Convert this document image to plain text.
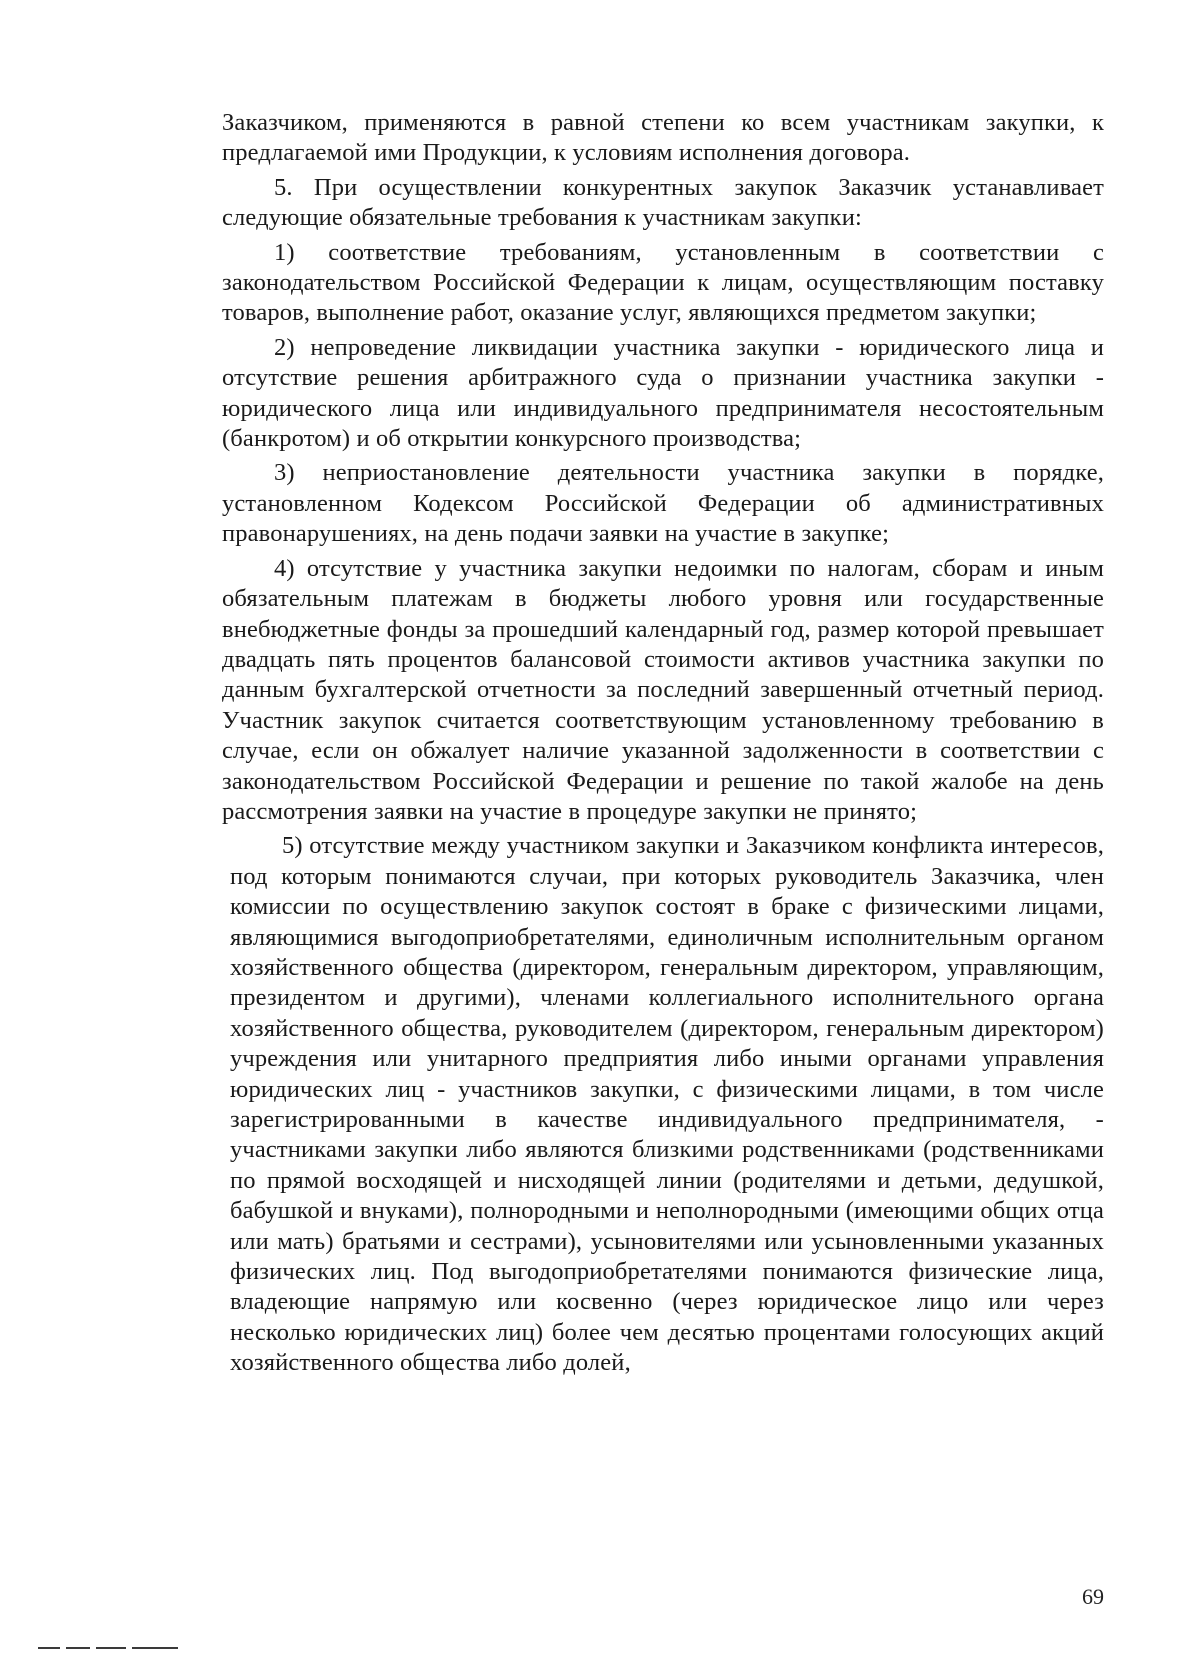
Заказчиком, применяются в равной степени ко всем участникам закупки, к предлагаемой ими Продукции, к условиям исполнения договора.

5. При осуществлении конкурентных закупок Заказчик устанавливает следующие обязательные требования к участникам закупки:

1) соответствие требованиям, установленным в соответствии с законодательством Российской Федерации к лицам, осуществляющим поставку товаров, выполнение работ, оказание услуг, являющихся предметом закупки;

2) непроведение ликвидации участника закупки - юридического лица и отсутствие решения арбитражного суда о признании участника закупки - юридического лица или индивидуального предпринимателя несостоятельным (банкротом) и об открытии конкурсного производства;

3) неприостановление деятельности участника закупки в порядке, установленном Кодексом Российской Федерации об административных правонарушениях, на день подачи заявки на участие в закупке;

4) отсутствие у участника закупки недоимки по налогам, сборам и иным обязательным платежам в бюджеты любого уровня или государственные внебюджетные фонды за прошедший календарный год, размер которой превышает двадцать пять процентов балансовой стоимости активов участника закупки по данным бухгалтерской отчетности за последний завершенный отчетный период. Участник закупок считается соответствующим установленному требованию в случае, если он обжалует наличие указанной задолженности в соответствии с законодательством Российской Федерации и решение по такой жалобе на день рассмотрения заявки на участие в процедуре закупки не принято;

5) отсутствие между участником закупки и Заказчиком конфликта интересов, под которым понимаются случаи, при которых руководитель Заказчика, член комиссии по осуществлению закупок состоят в браке с физическими лицами, являющимися выгодоприобретателями, единоличным исполнительным органом хозяйственного общества (директором, генеральным директором, управляющим, президентом и другими), членами коллегиального исполнительного органа хозяйственного общества, руководителем (директором, генеральным директором) учреждения или унитарного предприятия либо иными органами управления юридических лиц - участников закупки, с физическими лицами, в том числе зарегистрированными в качестве индивидуального предпринимателя, - участниками закупки либо являются близкими родственниками (родственниками по прямой восходящей и нисходящей линии (родителями и детьми, дедушкой, бабушкой и внуками), полнородными и неполнородными (имеющими общих отца или мать) братьями и сестрами), усыновителями или усыновленными указанных физических лиц. Под выгодоприобретателями понимаются физические лица, владеющие напрямую или косвенно (через юридическое лицо или через несколько юридических лиц) более чем десятью процентами голосующих акций хозяйственного общества либо долей,

69
